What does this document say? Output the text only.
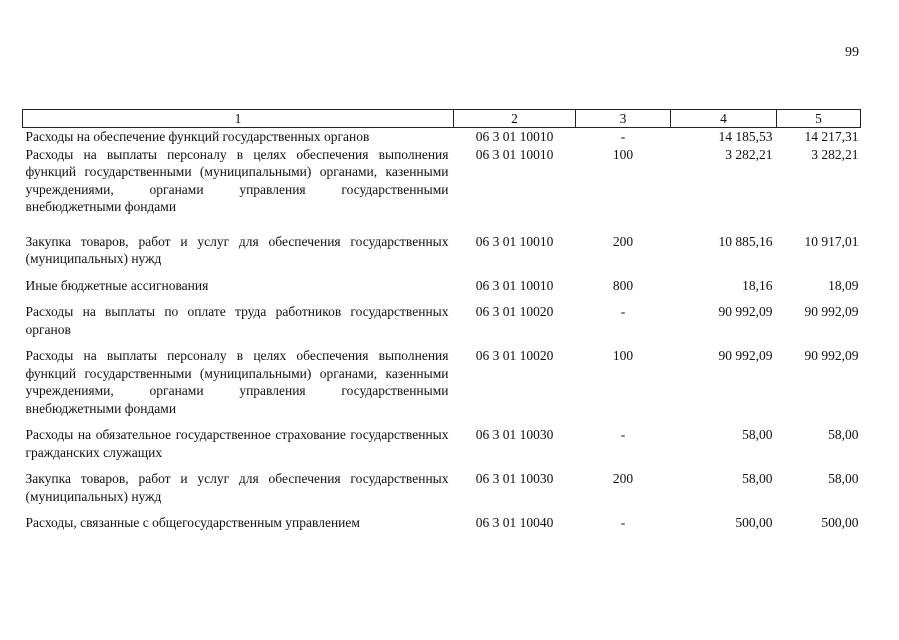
99
1	2	3	4	5
Расходы на обеспечение функций государственных органов	06 3 01 10010	-	14 185,53	14 217,31
Расходы на выплаты персоналу в целях обеспечения выполнения функций государственными (муниципальными) органами, казенными учреждениями, органами управления государственными внебюджетными фондами	06 3 01 10010	100	3 282,21	3 282,21
Закупка товаров, работ и услуг для обеспечения государственных (муниципальных) нужд	06 3 01 10010	200	10 885,16	10 917,01
Иные бюджетные ассигнования	06 3 01 10010	800	18,16	18,09
Расходы на выплаты по оплате труда работников государственных органов	06 3 01 10020	-	90 992,09	90 992,09
Расходы на выплаты персоналу в целях обеспечения выполнения функций государственными (муниципальными) органами, казенными учреждениями, органами управления государственными внебюджетными фондами	06 3 01 10020	100	90 992,09	90 992,09
Расходы на обязательное государственное страхование государственных гражданских служащих	06 3 01 10030	-	58,00	58,00
Закупка товаров, работ и услуг для обеспечения государственных (муниципальных) нужд	06 3 01 10030	200	58,00	58,00
Расходы, связанные с общегосударственным управлением	06 3 01 10040	-	500,00	500,00
